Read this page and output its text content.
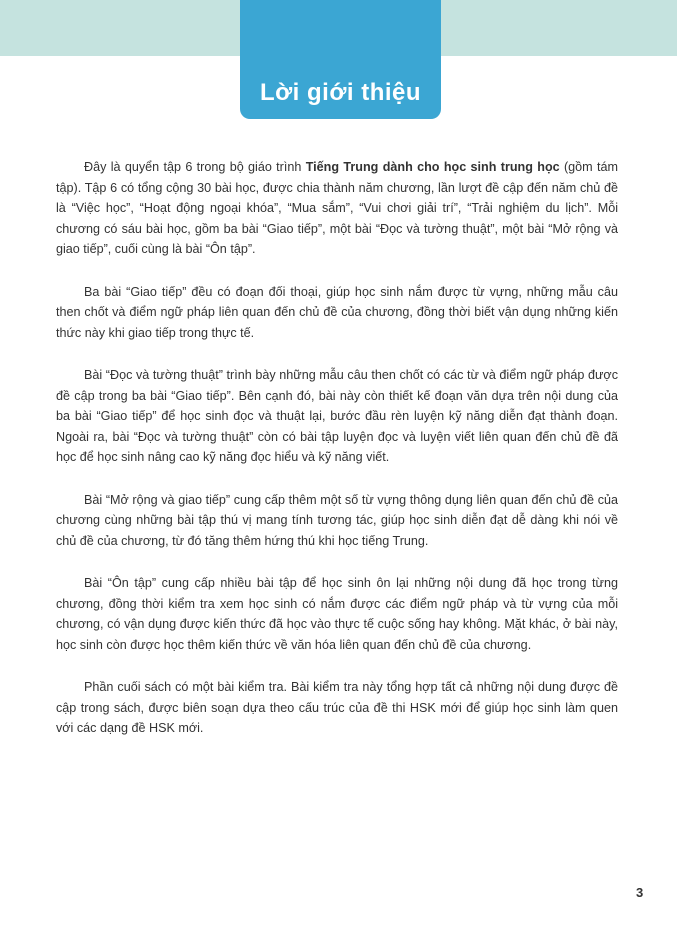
Lời giới thiệu

Đây là quyển tập 6 trong bộ giáo trình Tiếng Trung dành cho học sinh trung học (gồm tám tập). Tập 6 có tổng cộng 30 bài học, được chia thành năm chương, lần lượt đề cập đến năm chủ đề là “Việc học”, “Hoạt động ngoại khóa”, “Mua sắm”, “Vui chơi giải trí”, “Trải nghiệm du lịch”. Mỗi chương có sáu bài học, gồm ba bài “Giao tiếp”, một bài “Đọc và tường thuật”, một bài “Mở rộng và giao tiếp”, cuối cùng là bài “Ôn tập”.

Ba bài “Giao tiếp” đều có đoạn đối thoại, giúp học sinh nắm được từ vựng, những mẫu câu then chốt và điểm ngữ pháp liên quan đến chủ đề của chương, đồng thời biết vận dụng những kiến thức này khi giao tiếp trong thực tế.

Bài “Đọc và tường thuật” trình bày những mẫu câu then chốt có các từ và điểm ngữ pháp được đề cập trong ba bài “Giao tiếp”. Bên cạnh đó, bài này còn thiết kế đoạn văn dựa trên nội dung của ba bài “Giao tiếp” để học sinh đọc và thuật lại, bước đầu rèn luyện kỹ năng diễn đạt thành đoạn. Ngoài ra, bài “Đọc và tường thuật” còn có bài tập luyện đọc và luyện viết liên quan đến chủ đề đã học để học sinh nâng cao kỹ năng đọc hiểu và kỹ năng viết.

Bài “Mở rộng và giao tiếp” cung cấp thêm một số từ vựng thông dụng liên quan đến chủ đề của chương cùng những bài tập thú vị mang tính tương tác, giúp học sinh diễn đạt dễ dàng khi nói về chủ đề của chương, từ đó tăng thêm hứng thú khi học tiếng Trung.

Bài “Ôn tập” cung cấp nhiều bài tập để học sinh ôn lại những nội dung đã học trong từng chương, đồng thời kiểm tra xem học sinh có nắm được các điểm ngữ pháp và từ vựng của mỗi chương, có vận dụng được kiến thức đã học vào thực tế cuộc sống hay không. Mặt khác, ở bài này, học sinh còn được học thêm kiến thức về văn hóa liên quan đến chủ đề của chương.

Phần cuối sách có một bài kiểm tra. Bài kiểm tra này tổng hợp tất cả những nội dung được đề cập trong sách, được biên soạn dựa theo cấu trúc của đề thi HSK mới để giúp học sinh làm quen với các dạng đề HSK mới.

3
